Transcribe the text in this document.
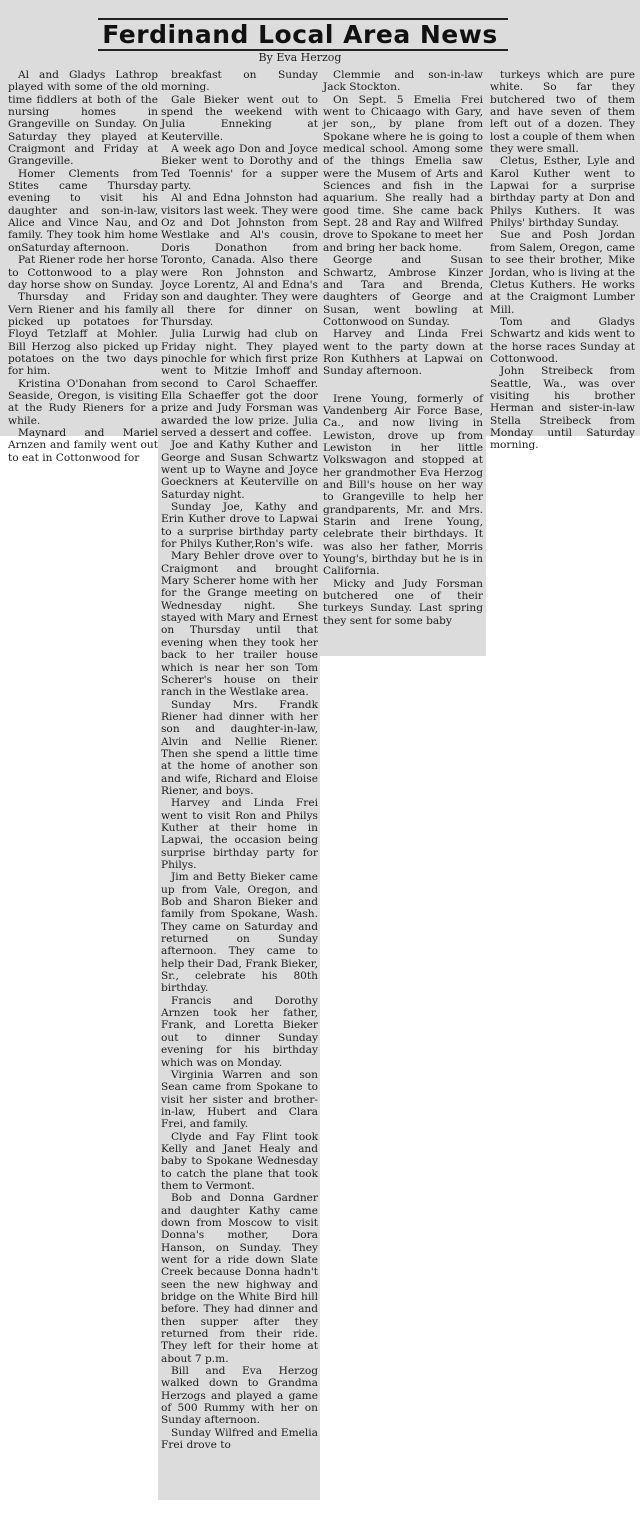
Ferdinand Local Area News
By Eva Herzog

Al and Gladys Lathrop played with some of the old time fiddlers at both of the nursing homes in Grangeville on Sunday. On Saturday they played at Craigmont and Friday at Grangeville.

Homer Clements from Stites came Thursday evening to visit his daughter and son-in-law, Alice and Vince Nau, and family. They took him home onSaturday afternoon.

Pat Riener rode her horse to Cottonwood to a play day horse show on Sunday.

Thursday and Friday Vern Riener and his family picked up potatoes for Floyd Tetzlaff at Mohler. Bill Herzog also picked up potatoes on the two days for him.

Kristina O'Donahan from Seaside, Oregon, is visiting at the Rudy Rieners for a while.

Maynard and Mariel Arnzen and family went out to eat in Cottonwood for

breakfast on Sunday morning.

Gale Bieker went out to spend the weekend with Julia Enneking at Keuterville.

A week ago Don and Joyce Bieker went to Dorothy and Ted Toennis' for a supper party.

Al and Edna Johnston had visitors last week. They were Oz and Dot Johnston from Westlake and Al's cousin, Doris Donathon from Toronto, Canada. Also there were Ron Johnston and Joyce Lorentz, Al and Edna's son and daughter. They were all there for dinner on Thursday.

Julia Lurwig had club on Friday night. They played pinochle for which first prize went to Mitzie Imhoff and second to Carol Schaeffer. Ella Schaeffer got the door prize and Judy Forsman was awarded the low prize. Julia served a dessert and coffee.

Joe and Kathy Kuther and George and Susan Schwartz went up to Wayne and Joyce Goeckners at Keuterville on Saturday night.

Sunday Joe, Kathy and Erin Kuther drove to Lapwai to a surprise birthday party for Philys Kuther,Ron's wife.

Mary Behler drove over to Craigmont and brought Mary Scherer home with her for the Grange meeting on Wednesday night. She stayed with Mary and Ernest on Thursday until that evening when they took her back to her trailer house which is near her son Tom Scherer's house on their ranch in the Westlake area.

Sunday Mrs. Frandk Riener had dinner with her son and daughter-in-law, Alvin and Nellie Riener. Then she spend a little time at the home of another son and wife, Richard and Eloise Riener, and boys.

Harvey and Linda Frei went to visit Ron and Philys Kuther at their home in Lapwai, the occasion being surprise birthday party for Philys.

Jim and Betty Bieker came up from Vale, Oregon, and Bob and Sharon Bieker and family from Spokane, Wash. They came on Saturday and returned on Sunday afternoon. They came to help their Dad, Frank Bieker, Sr., celebrate his 80th birthday.

Francis and Dorothy Arnzen took her father, Frank, and Loretta Bieker out to dinner Sunday evening for his birthday which was on Monday.

Virginia Warren and son Sean came from Spokane to visit her sister and brother-in-law, Hubert and Clara Frei, and family.

Clyde and Fay Flint took Kelly and Janet Healy and baby to Spokane Wednesday to catch the plane that took them to Vermont.

Bob and Donna Gardner and daughter Kathy came down from Moscow to visit Donna's mother, Dora Hanson, on Sunday. They went for a ride down Slate Creek because Donna hadn't seen the new highway and bridge on the White Bird hill before. They had dinner and then supper after they returned from their ride. They left for their home at about 7 p.m.

Bill and Eva Herzog walked down to Grandma Herzogs and played a game of 500 Rummy with her on Sunday afternoon.

Sunday Wilfred and Emelia Frei drove to

Clemmie and son-in-law Jack Stockton.

On Sept. 5 Emelia Frei went to Chicaago with Gary, jer son,, by plane from Spokane where he is going to medical school. Among some of the things Emelia saw were the Musem of Arts and Sciences and fish in the aquarium. She really had a good time. She came back Sept. 28 and Ray and Wilfred drove to Spokane to meet her and bring her back home.

George and Susan Schwartz, Ambrose Kinzer and Tara and Brenda, daughters of George and Susan, went bowling at Cottonwood on Sunday.

Harvey and Linda Frei went to the party down at Ron Kuthhers at Lapwai on Sunday afternoon.

Irene Young, formerly of Vandenberg Air Force Base, Ca., and now living in Lewiston, drove up from Lewiston in her little Volkswagon and stopped at her grandmother Eva Herzog and Bill's house on her way to Grangeville to help her grandparents, Mr. and Mrs. Starin and Irene Young, celebrate their birthdays. It was also her father, Morris Young's, birthday but he is in California.

Micky and Judy Forsman butchered one of their turkeys Sunday. Last spring they sent for some baby

turkeys which are pure white. So far they butchered two of them and have seven of them left out of a dozen. They lost a couple of them when they were small.

Cletus, Esther, Lyle and Karol Kuther went to Lapwai for a surprise birthday party at Don and Philys Kuthers. It was Philys' birthday Sunday.

Sue and Posh Jordan from Salem, Oregon, came to see their brother, Mike Jordan, who is living at the Cletus Kuthers. He works at the Craigmont Lumber Mill.

Tom and Gladys Schwartz and kids went to the horse races Sunday at Cottonwood.

John Streibeck from Seattle, Wa., was over visiting his brother Herman and sister-in-law Stella Streibeck from Monday until Saturday morning.
